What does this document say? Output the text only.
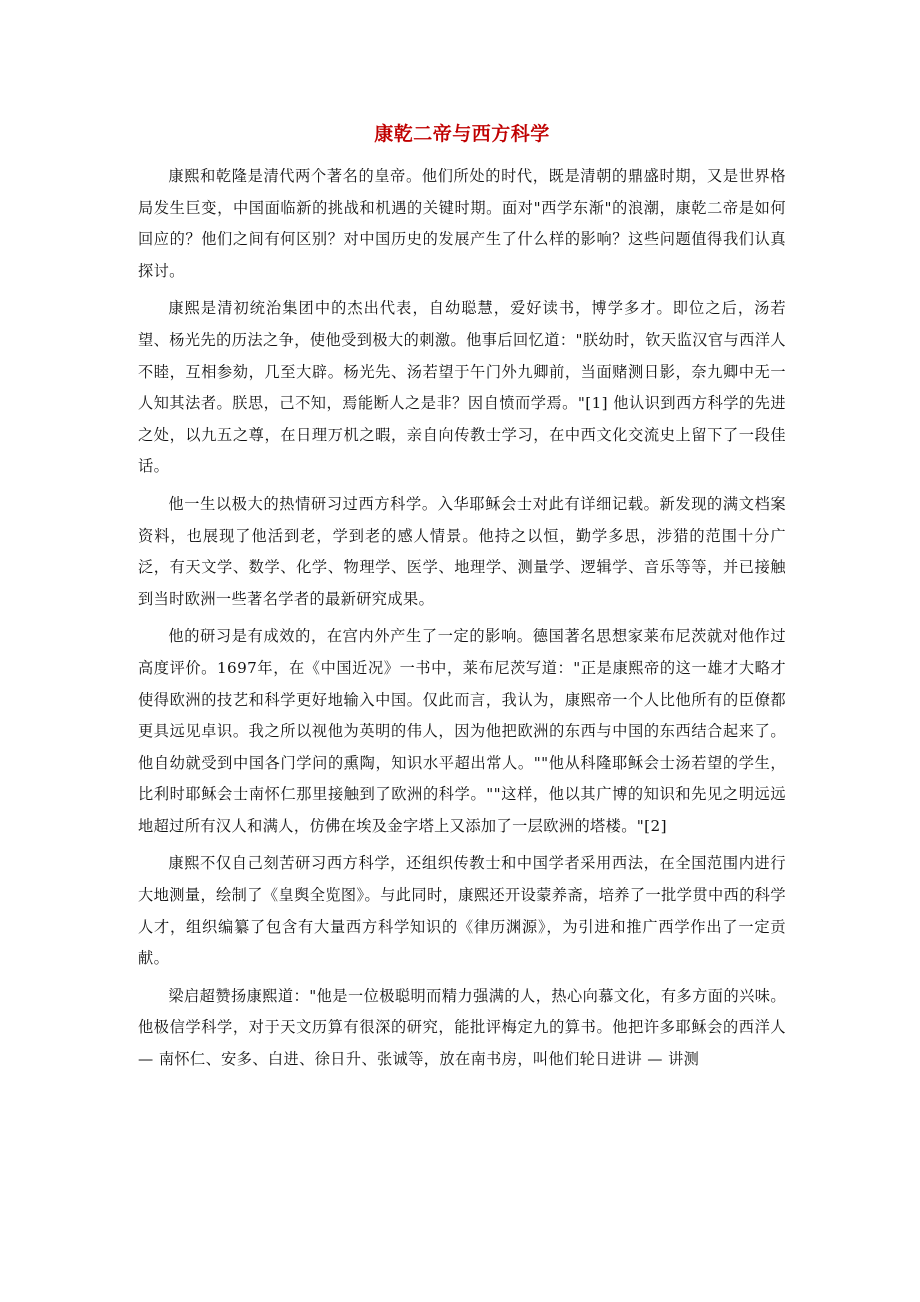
康乾二帝与西方科学

康熙和乾隆是清代两个著名的皇帝。他们所处的时代，既是清朝的鼎盛时期，又是世界格局发生巨变，中国面临新的挑战和机遇的关键时期。面对"西学东渐"的浪潮，康乾二帝是如何回应的？他们之间有何区别？对中国历史的发展产生了什么样的影响？这些问题值得我们认真探讨。

康熙是清初统治集团中的杰出代表，自幼聪慧，爱好读书，博学多才。即位之后，汤若望、杨光先的历法之争，使他受到极大的刺激。他事后回忆道："朕幼时，钦天监汉官与西洋人不睦，互相参劾，几至大辟。杨光先、汤若望于午门外九卿前，当面赌测日影，奈九卿中无一人知其法者。朕思，己不知，焉能断人之是非？因自愤而学焉。"[1] 他认识到西方科学的先进之处，以九五之尊，在日理万机之暇，亲自向传教士学习，在中西文化交流史上留下了一段佳话。

他一生以极大的热情研习过西方科学。入华耶稣会士对此有详细记载。新发现的满文档案资料，也展现了他活到老，学到老的感人情景。他持之以恒，勤学多思，涉猎的范围十分广泛，有天文学、数学、化学、物理学、医学、地理学、测量学、逻辑学、音乐等等，并已接触到当时欧洲一些著名学者的最新研究成果。

他的研习是有成效的，在宫内外产生了一定的影响。德国著名思想家莱布尼茨就对他作过高度评价。1697年，在《中国近况》一书中，莱布尼茨写道："正是康熙帝的这一雄才大略才使得欧洲的技艺和科学更好地输入中国。仅此而言，我认为，康熙帝一个人比他所有的臣僚都更具远见卓识。我之所以视他为英明的伟人，因为他把欧洲的东西与中国的东西结合起来了。他自幼就受到中国各门学问的熏陶，知识水平超出常人。""他从科隆耶稣会士汤若望的学生，比利时耶稣会士南怀仁那里接触到了欧洲的科学。""这样，他以其广博的知识和先见之明远远地超过所有汉人和满人，仿佛在埃及金字塔上又添加了一层欧洲的塔楼。"[2]

康熙不仅自己刻苦研习西方科学，还组织传教士和中国学者采用西法，在全国范围内进行大地测量，绘制了《皇舆全览图》。与此同时，康熙还开设蒙养斋，培养了一批学贯中西的科学人才，组织编纂了包含有大量西方科学知识的《律历渊源》，为引进和推广西学作出了一定贡献。

梁启超赞扬康熙道："他是一位极聪明而精力强满的人，热心向慕文化，有多方面的兴味。他极信学科学，对于天文历算有很深的研究，能批评梅定九的算书。他把许多耶稣会的西洋人 — 南怀仁、安多、白进、徐日升、张诚等，放在南书房，叫他们轮日进讲 — 讲测
